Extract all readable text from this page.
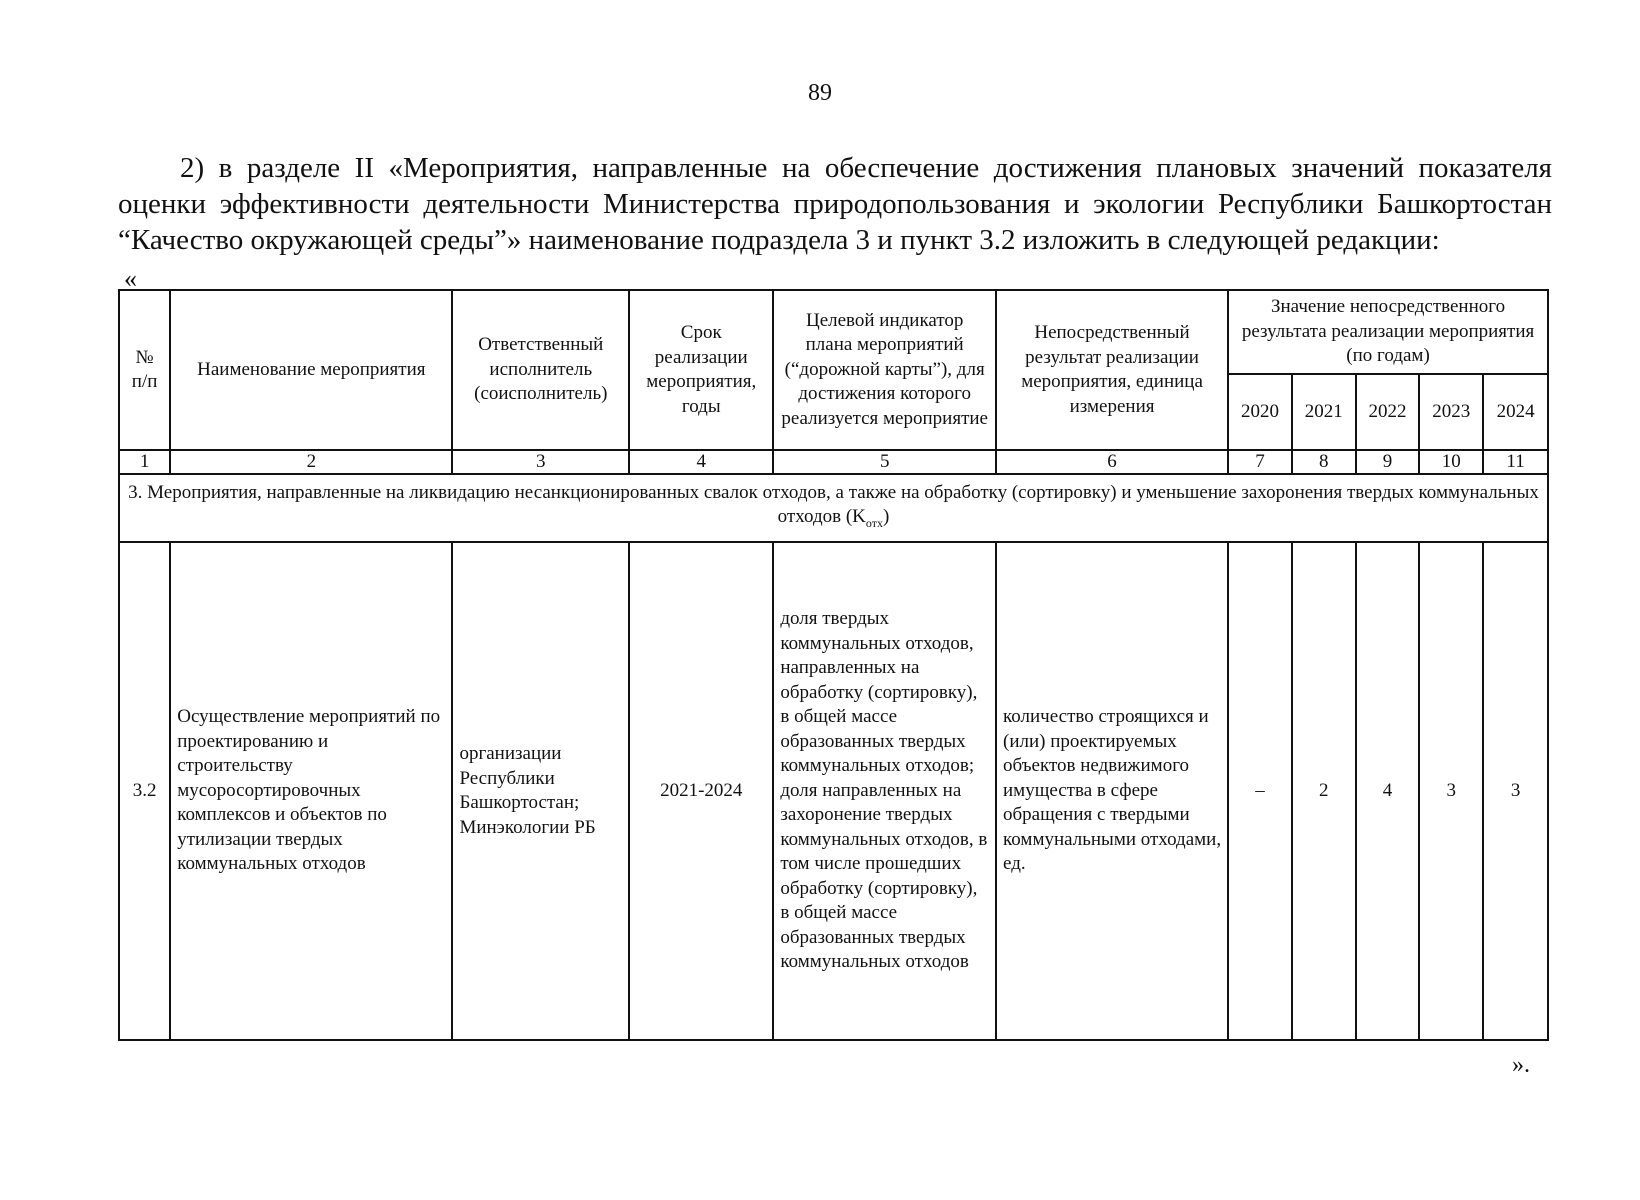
89
2) в разделе II «Мероприятия, направленные на обеспечение достижения плановых значений показателя оценки эффективности деятельности Министерства природопользования и экологии Республики Башкортостан “Качество окружающей среды”» наименование подраздела 3 и пункт 3.2 изложить в следующей редакции:
«
№ п/п	Наименование мероприятия	Ответственный исполнитель (соисполнитель)	Срок реализации мероприятия, годы	Целевой индикатор плана мероприятий (“дорожной карты”), для достижения которого реализуется мероприятие	Непосредственный результат реализации мероприятия, единица измерения	Значение непосредственного результата реализации мероприятия (по годам)				
						2020	2021	2022	2023	2024
1	2	3	4	5	6	7	8	9	10	11
3. Мероприятия, направленные на ликвидацию несанкционированных свалок отходов, а также на обработку (сортировку) и уменьшение захоронения твердых коммунальных отходов $(K_{отх})$										
3.2	Осуществление мероприятий по проектированию и строительству мусоросортировочных комплексов и объектов по утилизации твердых коммунальных отходов	организации Республики Башкортостан; Минэкологии РБ	2021-2024	доля твердых коммунальных отходов, направленных на обработку (сортировку), в общей массе образованных твердых коммунальных отходов; доля направленных на захоронение твердых коммунальных отходов, в том числе прошедших обработку (сортировку), в общей массе образованных твердых коммунальных отходов	количество строящихся и (или) проектируемых объектов недвижимого имущества в сфере обращения с твердыми коммунальными отходами, ед.	–	2	4	3	3
».
